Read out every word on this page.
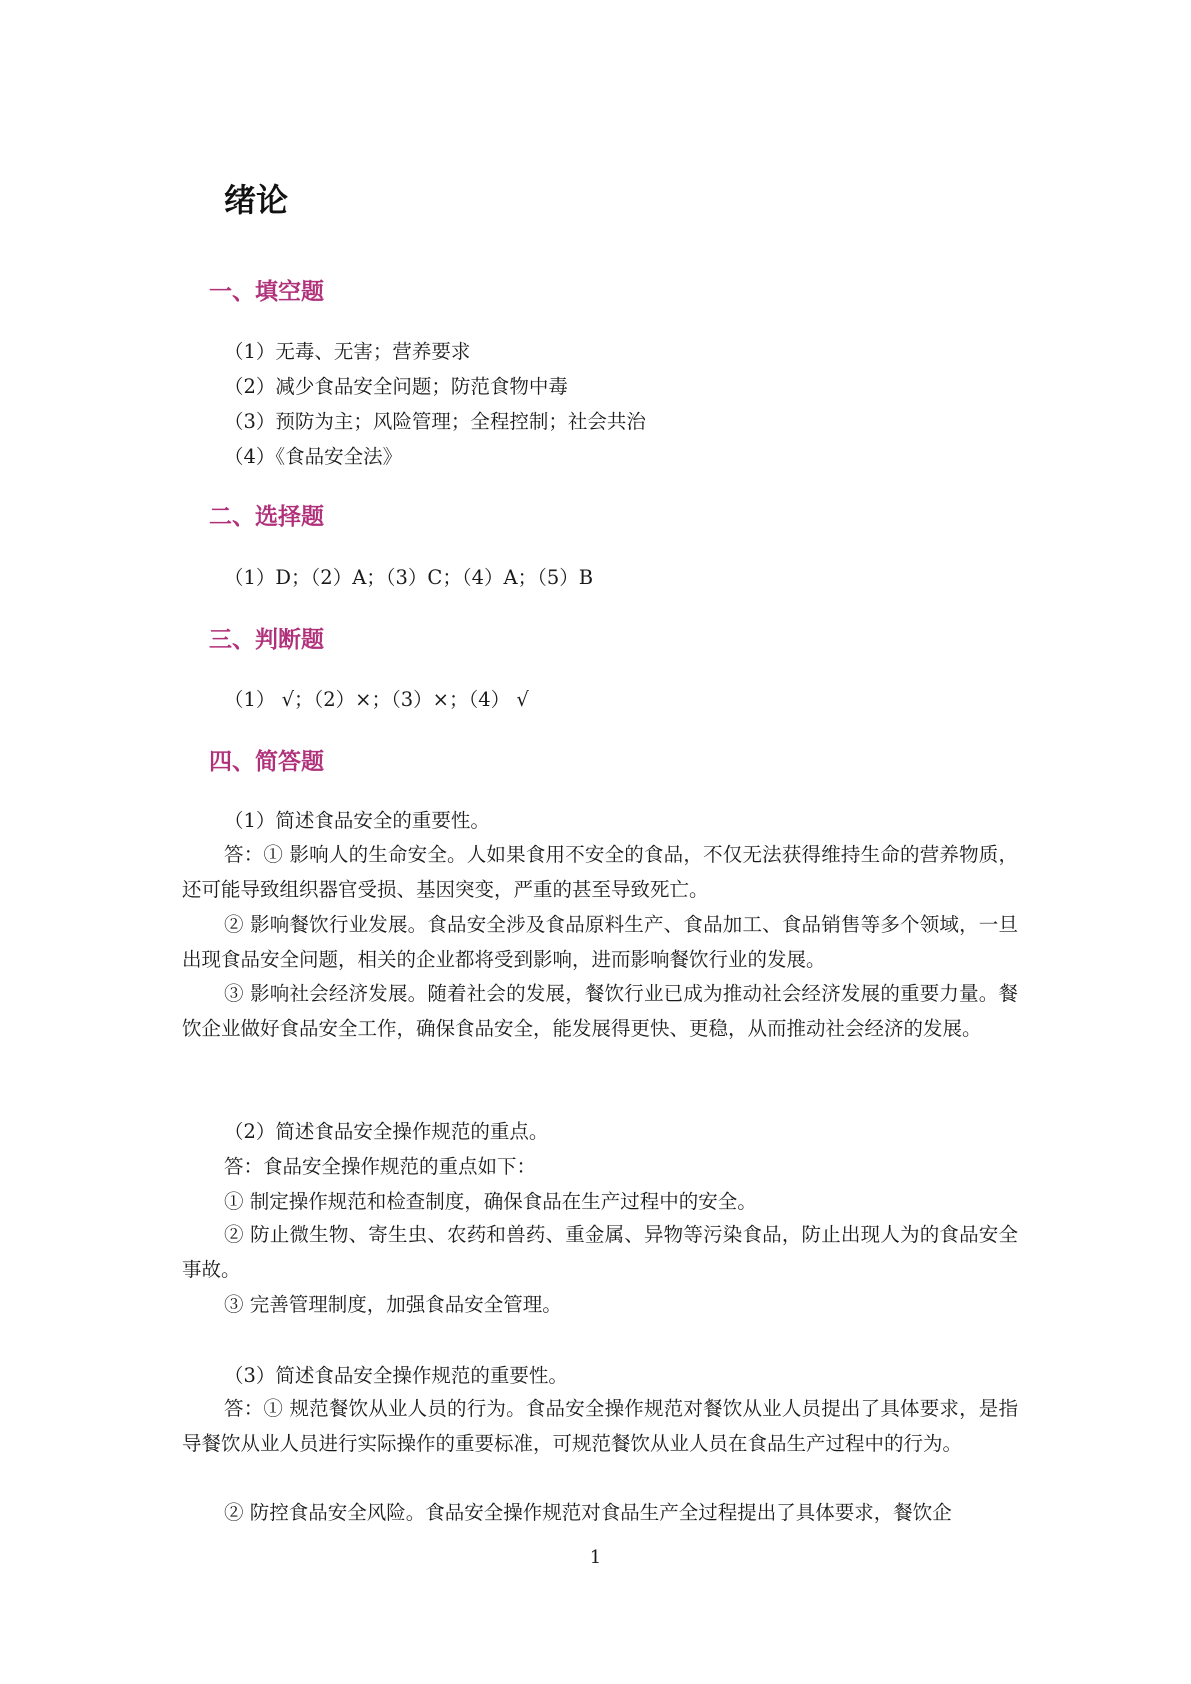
绪论
一、填空题

（1）无毒、无害；营养要求

（2）减少食品安全问题；防范食物中毒

（3）预防为主；风险管理；全程控制；社会共治

（4）《食品安全法》

二、选择题

（1）D；（2）A；（3）C；（4）A；（5）B

三、判断题

（1） √；（2）×；（3）×；（4） √

四、简答题

（1）简述食品安全的重要性。

答：① 影响人的生命安全。人如果食用不安全的食品，不仅无法获得维持生命的营养物质，还可能导致组织器官受损、基因突变，严重的甚至导致死亡。

② 影响餐饮行业发展。食品安全涉及食品原料生产、食品加工、食品销售等多个领域，一旦出现食品安全问题，相关的企业都将受到影响，进而影响餐饮行业的发展。

③ 影响社会经济发展。随着社会的发展，餐饮行业已成为推动社会经济发展的重要力量。餐饮企业做好食品安全工作，确保食品安全，能发展得更快、更稳，从而推动社会经济的发展。

（2）简述食品安全操作规范的重点。

答：食品安全操作规范的重点如下：

① 制定操作规范和检查制度，确保食品在生产过程中的安全。

② 防止微生物、寄生虫、农药和兽药、重金属、异物等污染食品，防止出现人为的食品安全事故。

③ 完善管理制度，加强食品安全管理。

（3）简述食品安全操作规范的重要性。

答：① 规范餐饮从业人员的行为。食品安全操作规范对餐饮从业人员提出了具体要求，是指导餐饮从业人员进行实际操作的重要标准，可规范餐饮从业人员在食品生产过程中的行为。

② 防控食品安全风险。食品安全操作规范对食品生产全过程提出了具体要求，餐饮企

1
